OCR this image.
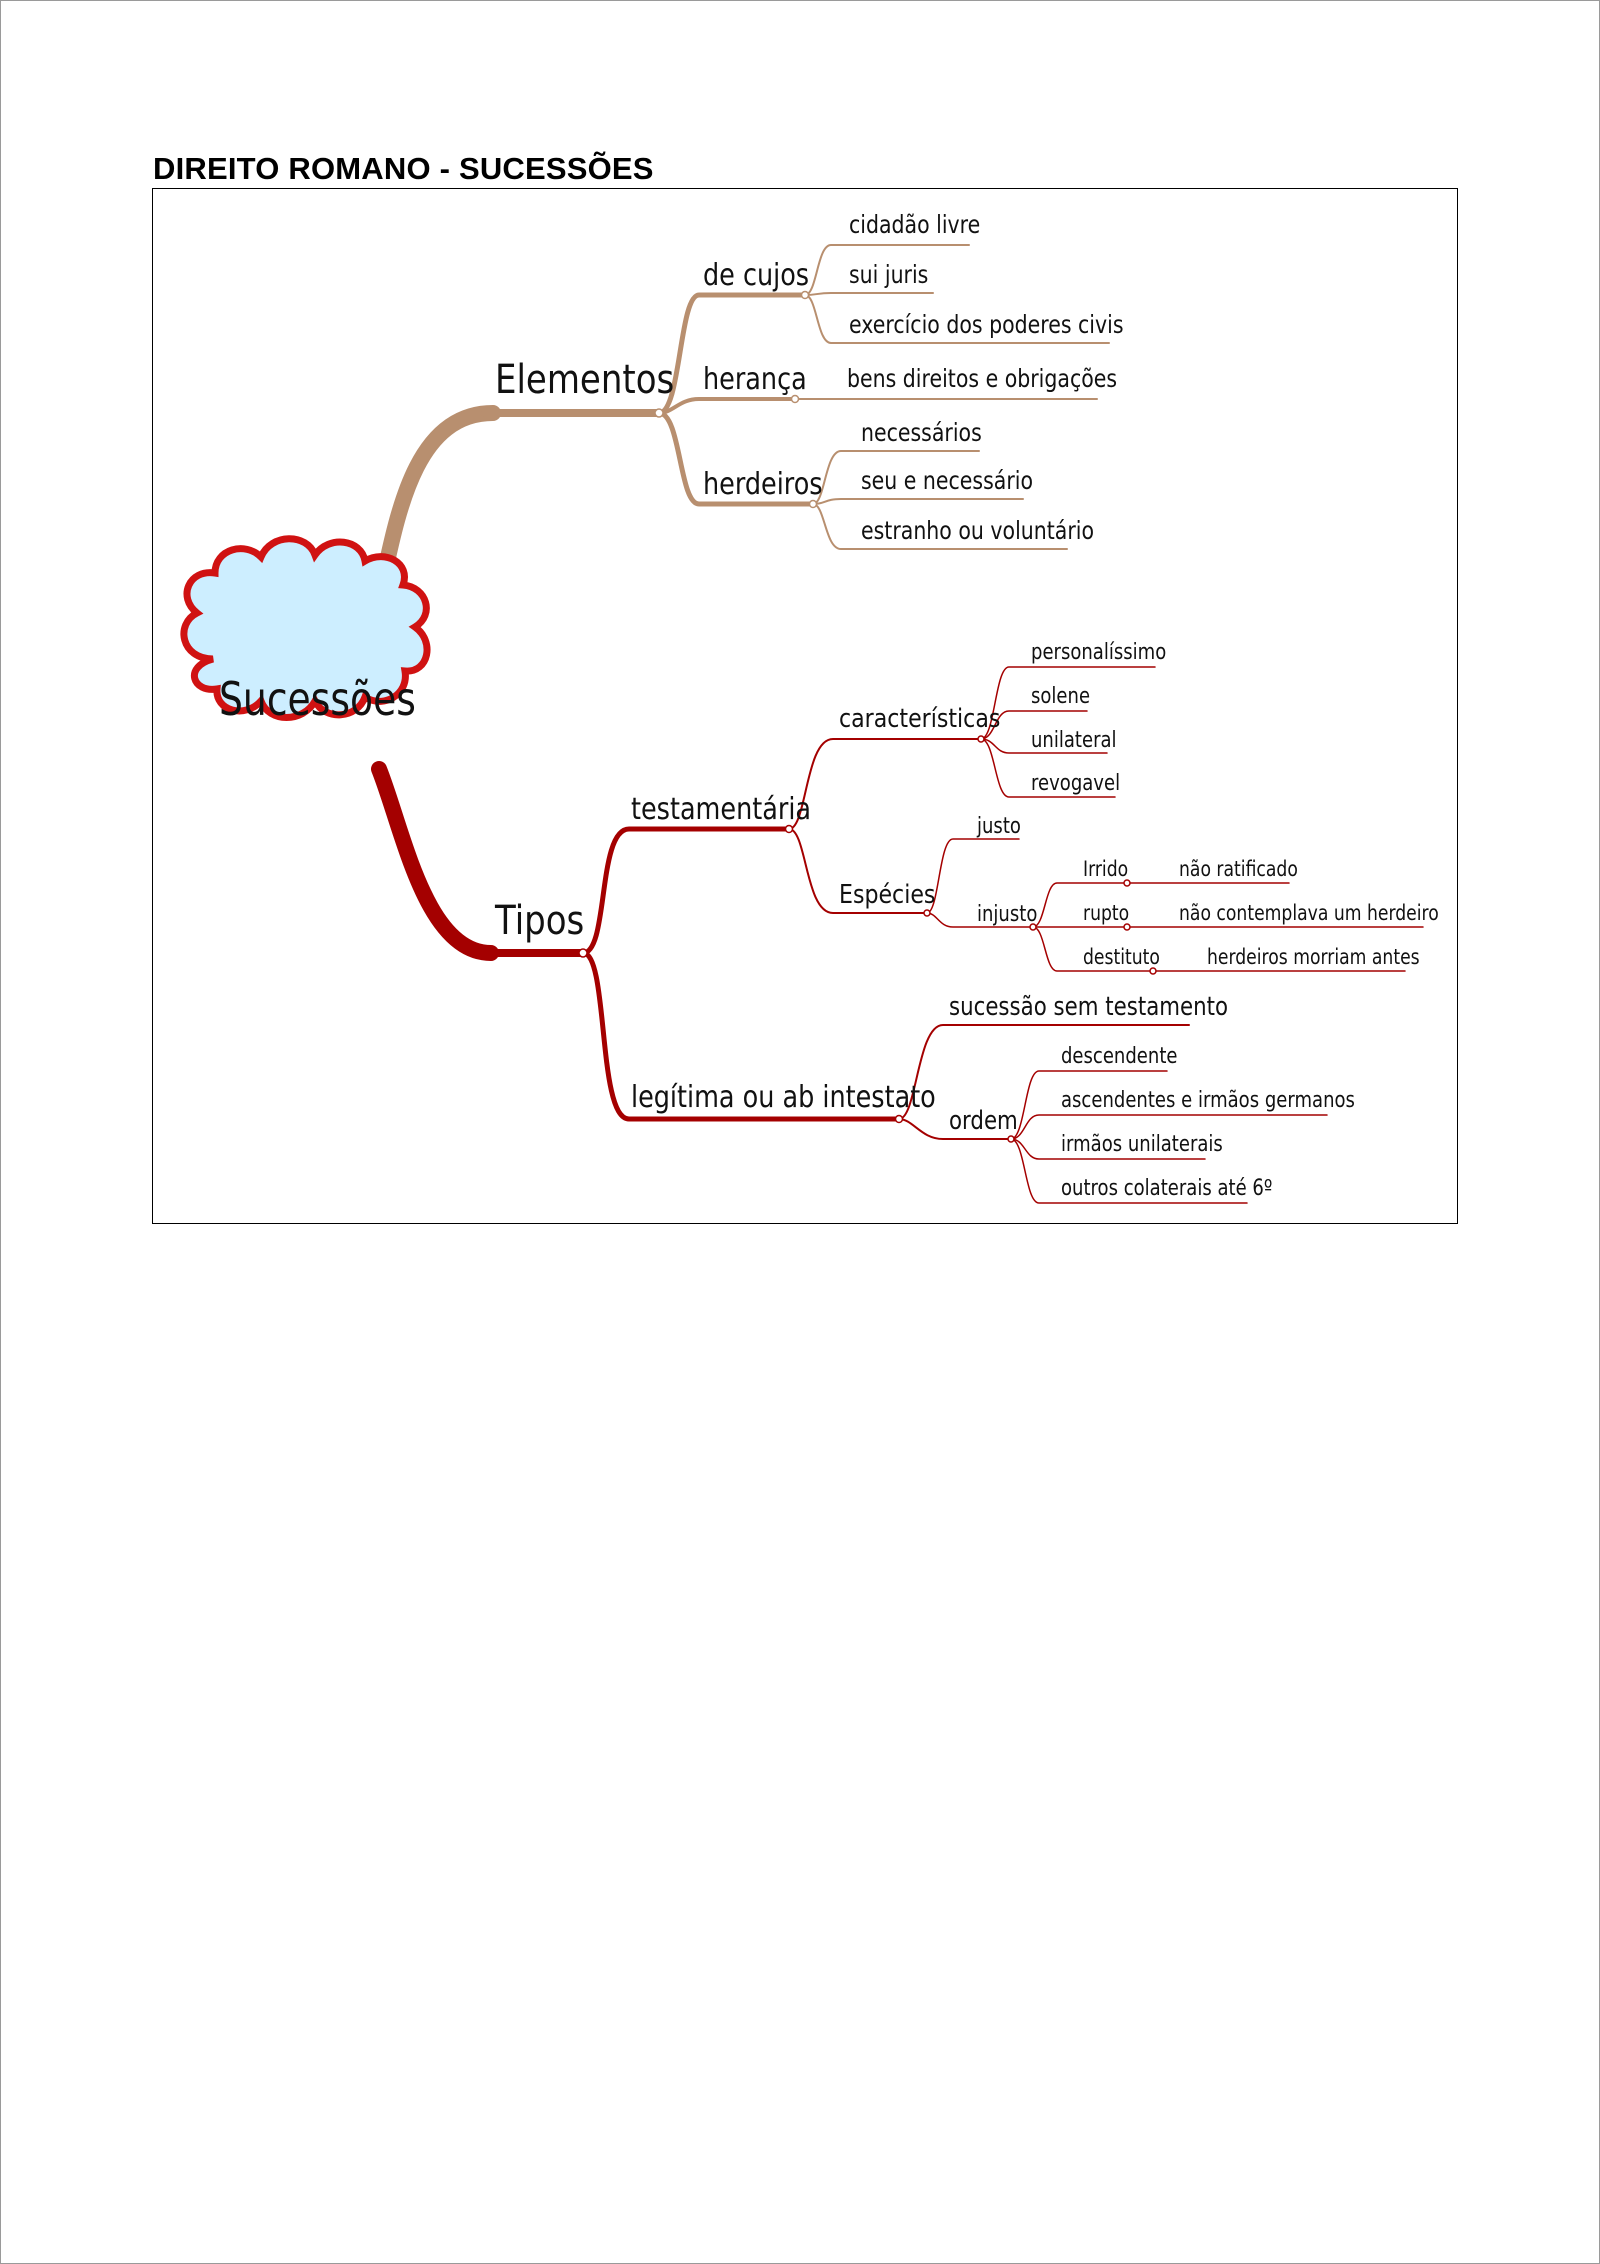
DIREITO ROMANO - SUCESSÕES
Elementos
de cujos
herança
herdeiros
cidadão livre
sui juris
exercício dos poderes civis
bens direitos e obrigações
necessários
seu e necessário
estranho ou voluntário
Sucessões
Tipos
testamentária
legítima ou ab intestato
características
Espécies
personalíssimo
solene
unilateral
revogavel
justo
injusto
Irrido
rupto
destituto
não ratificado
não contemplava um herdeiro
herdeiros morriam antes
sucessão sem testamento
ordem
descendente
ascendentes e irmãos germanos
irmãos unilaterais
outros colaterais até 6º
